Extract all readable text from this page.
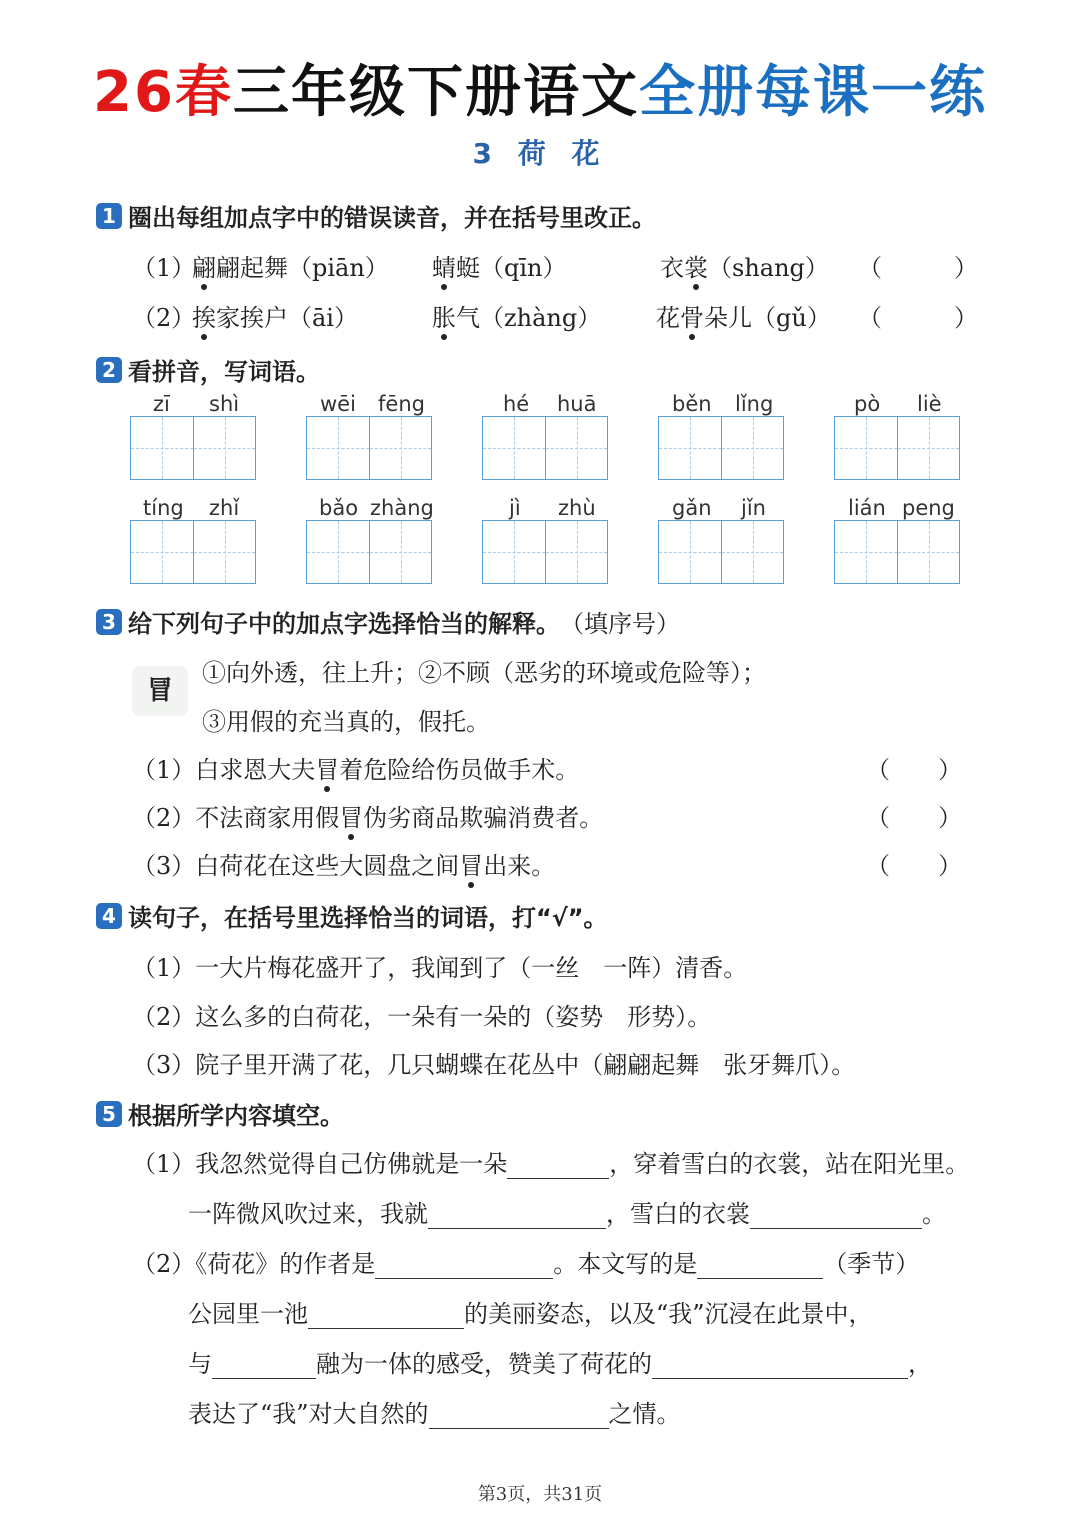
26春三年级下册语文全册每课一练
3 荷 花
1 圈出每组加点字中的错误读音，并在括号里改正。
（1）
翩翩起舞（piān） 蜻蜓（qīn）	衣裳（shang） （　　　）
（2）
挨家挨户（āi）	胀气（zhàng） 花骨朵儿（gǔ） （　　　）
2 看拼音，写词语。
zī shì	wēi fēng	hé huā	běn lǐng	pò liè
tíng zhǐ	bǎo zhàng	jì zhù	gǎn jǐn	lián peng
3 给下列句子中的加点字选择恰当的解释。 （填序号）
冒
①向外透，往上升；②不顾（恶劣的环境或危险等）；
③用假的充当真的，假托。
（1）白求恩大夫冒着危险给伤员做手术。	（　　）
（2）不法商家用假冒伪劣商品欺骗消费者。	（　　）
（3）白荷花在这些大圆盘之间冒出来。	（　　）
4 读句子，在括号里选择恰当的词语，打“√”。
（1）一大片梅花盛开了，我闻到了（一丝　一阵）清香。
（2）这么多的白荷花，一朵有一朵的（姿势　形势）。
（3）院子里开满了花，几只蝴蝶在花丛中（翩翩起舞　张牙舞爪）。
5 根据所学内容填空。
（1）我忽然觉得自己仿佛就是一朵	，穿着雪白的衣裳，站在阳光里。
一阵微风吹过来，我就	，雪白的衣裳	。
（2）《荷花》的作者是	。本文写的是	（季节）
公园里一池	的美丽姿态，以及“我”沉浸在此景中，
与	融为一体的感受，赞美了荷花的	，
表达了“我”对大自然的	之情。
第3页，共31页
